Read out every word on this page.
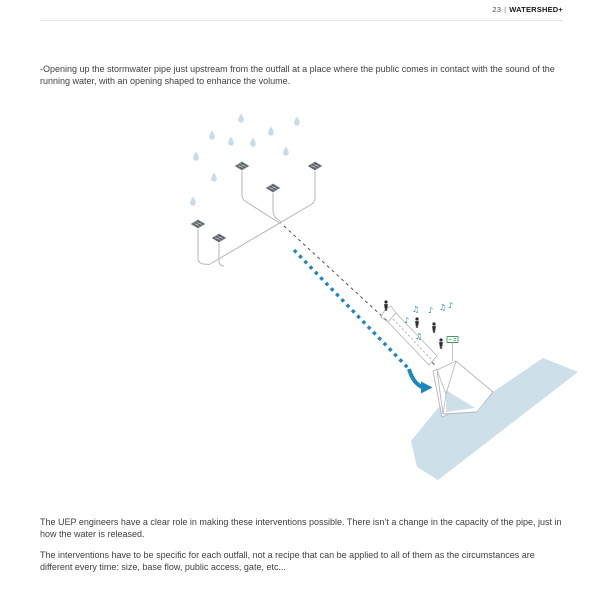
23 | WATERSHED+
-Opening up the stormwater pipe just upstream from the outfall at a place where the public comes in contact with the sound of the running water, with an opening shaped to enhance the volume.
♫ ♪ ♫ ♪
♪
♫

The UEP engineers have a clear role in making these interventions possible. There isn’t a change in the capacity of the pipe, just in how the water is released.

The interventions have to be specific for each outfall, not a recipe that can be applied to all of them as the circumstances are different every time: size, base flow, public access, gate, etc...
